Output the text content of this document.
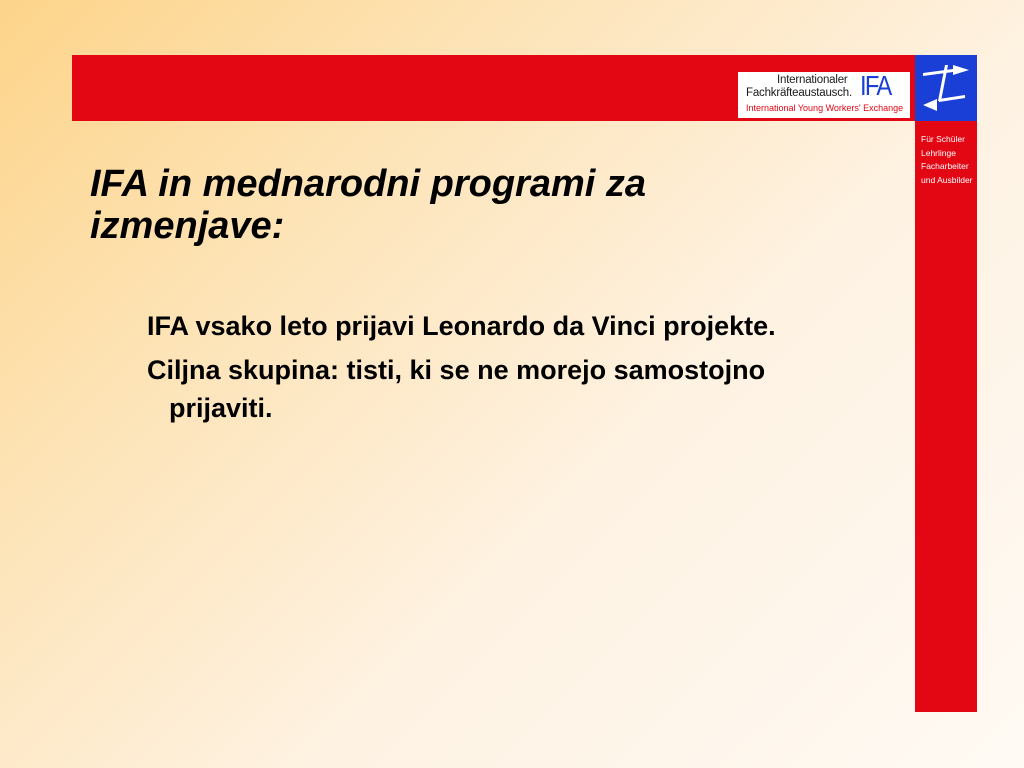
Internationaler
Fachkräfteaustausch. IFA
International Young Workers' Exchange
Für Schüler
Lehrlinge
Facharbeiter
und Ausbilder
IFA in mednarodni programi za izmenjave:
IFA vsako leto prijavi Leonardo da Vinci projekte.
Ciljna skupina: tisti, ki se ne morejo samostojno prijaviti.
